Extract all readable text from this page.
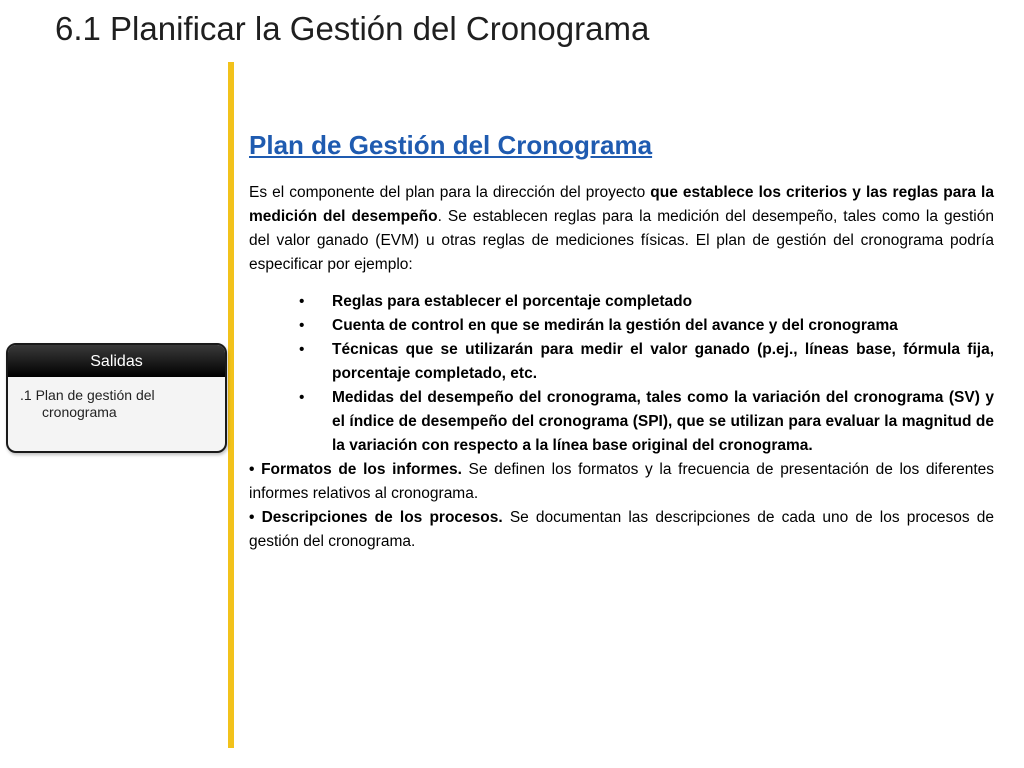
6.1 Planificar la Gestión del Cronograma
Salidas
.1 Plan de gestión del
cronograma
Plan de Gestión del Cronograma

Es el componente del plan para la dirección del proyecto que establece los criterios y las reglas para la medición del desempeño. Se establecen reglas para la medición del desempeño, tales como la gestión del valor ganado (EVM) u otras reglas de mediciones físicas. El plan de gestión del cronograma podría especificar por ejemplo:

• Reglas para establecer el porcentaje completado
• Cuenta de control en que se medirán la gestión del avance y del cronograma
• Técnicas que se utilizarán para medir el valor ganado (p.ej., líneas base, fórmula fija, porcentaje completado, etc.
• Medidas del desempeño del cronograma, tales como la variación del cronograma (SV) y el índice de desempeño del cronograma (SPI), que se utilizan para evaluar la magnitud de la variación con respecto a la línea base original del cronograma.

• Formatos de los informes. Se definen los formatos y la frecuencia de presentación de los diferentes informes relativos al cronograma.

• Descripciones de los procesos. Se documentan las descripciones de cada uno de los procesos de gestión del cronograma.
